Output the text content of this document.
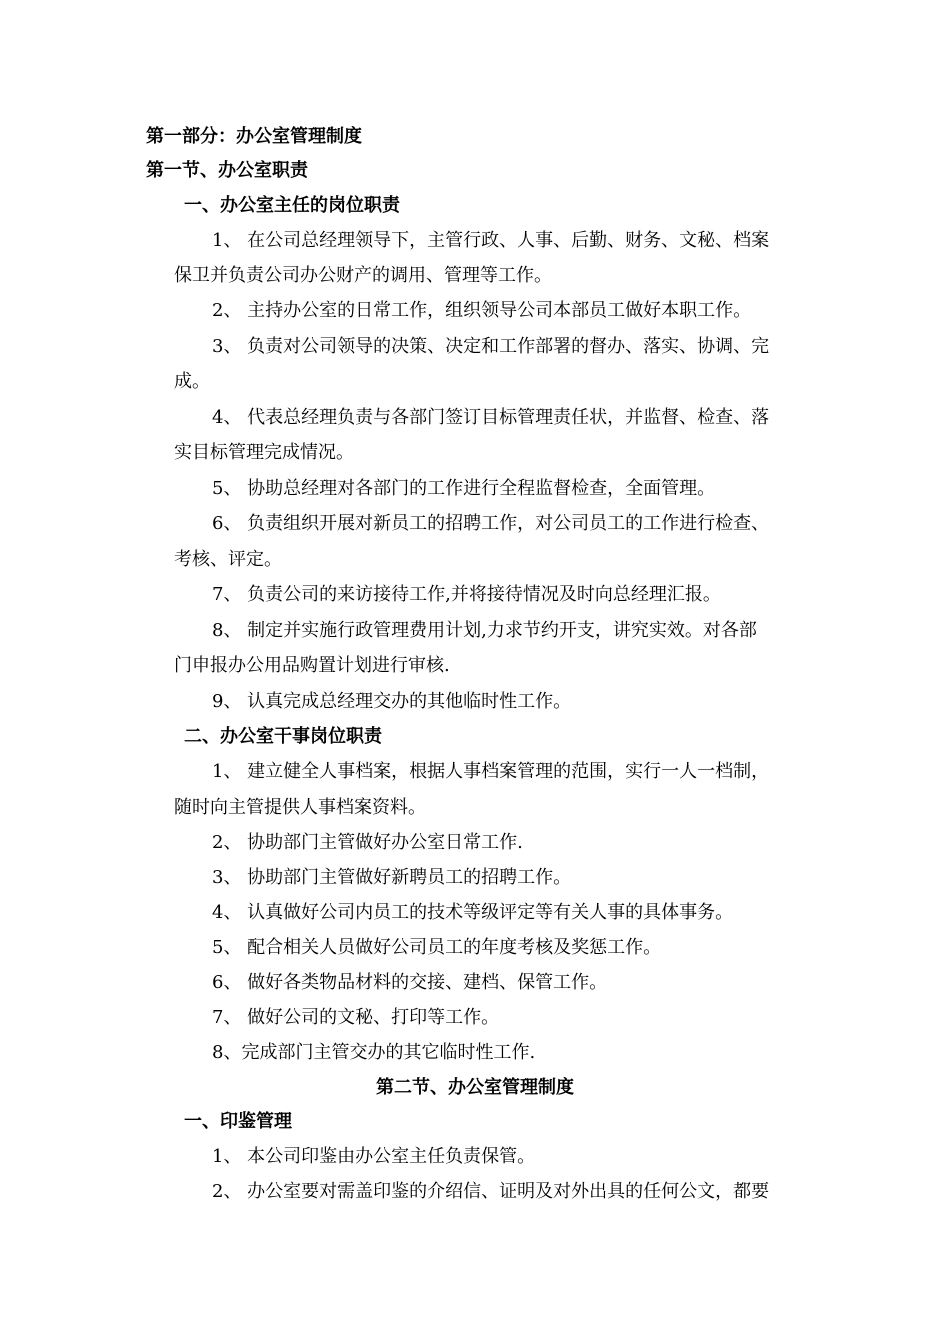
第一部分：办公室管理制度
第一节、办公室职责
一、办公室主任的岗位职责
1、 在公司总经理领导下，主管行政、人事、后勤、财务、文秘、档案
保卫并负责公司办公财产的调用、管理等工作。
2、 主持办公室的日常工作，组织领导公司本部员工做好本职工作。
3、 负责对公司领导的决策、决定和工作部署的督办、落实、协调、完
成。
4、 代表总经理负责与各部门签订目标管理责任状，并监督、检查、落
实目标管理完成情况。
5、 协助总经理对各部门的工作进行全程监督检查，全面管理。
6、 负责组织开展对新员工的招聘工作，对公司员工的工作进行检查、
考核、评定。
7、 负责公司的来访接待工作,并将接待情况及时向总经理汇报。
8、 制定并实施行政管理费用计划,力求节约开支，讲究实效。对各部
门申报办公用品购置计划进行审核.
9、 认真完成总经理交办的其他临时性工作。
二、办公室干事岗位职责
1、 建立健全人事档案，根据人事档案管理的范围，实行一人一档制，
随时向主管提供人事档案资料。
2、 协助部门主管做好办公室日常工作.
3、 协助部门主管做好新聘员工的招聘工作。
4、 认真做好公司内员工的技术等级评定等有关人事的具体事务。
5、 配合相关人员做好公司员工的年度考核及奖惩工作。
6、 做好各类物品材料的交接、建档、保管工作。
7、 做好公司的文秘、打印等工作。
8、完成部门主管交办的其它临时性工作.
第二节、办公室管理制度
一、印鉴管理
1、 本公司印鉴由办公室主任负责保管。
2、 办公室要对需盖印鉴的介绍信、证明及对外出具的任何公文，都要
